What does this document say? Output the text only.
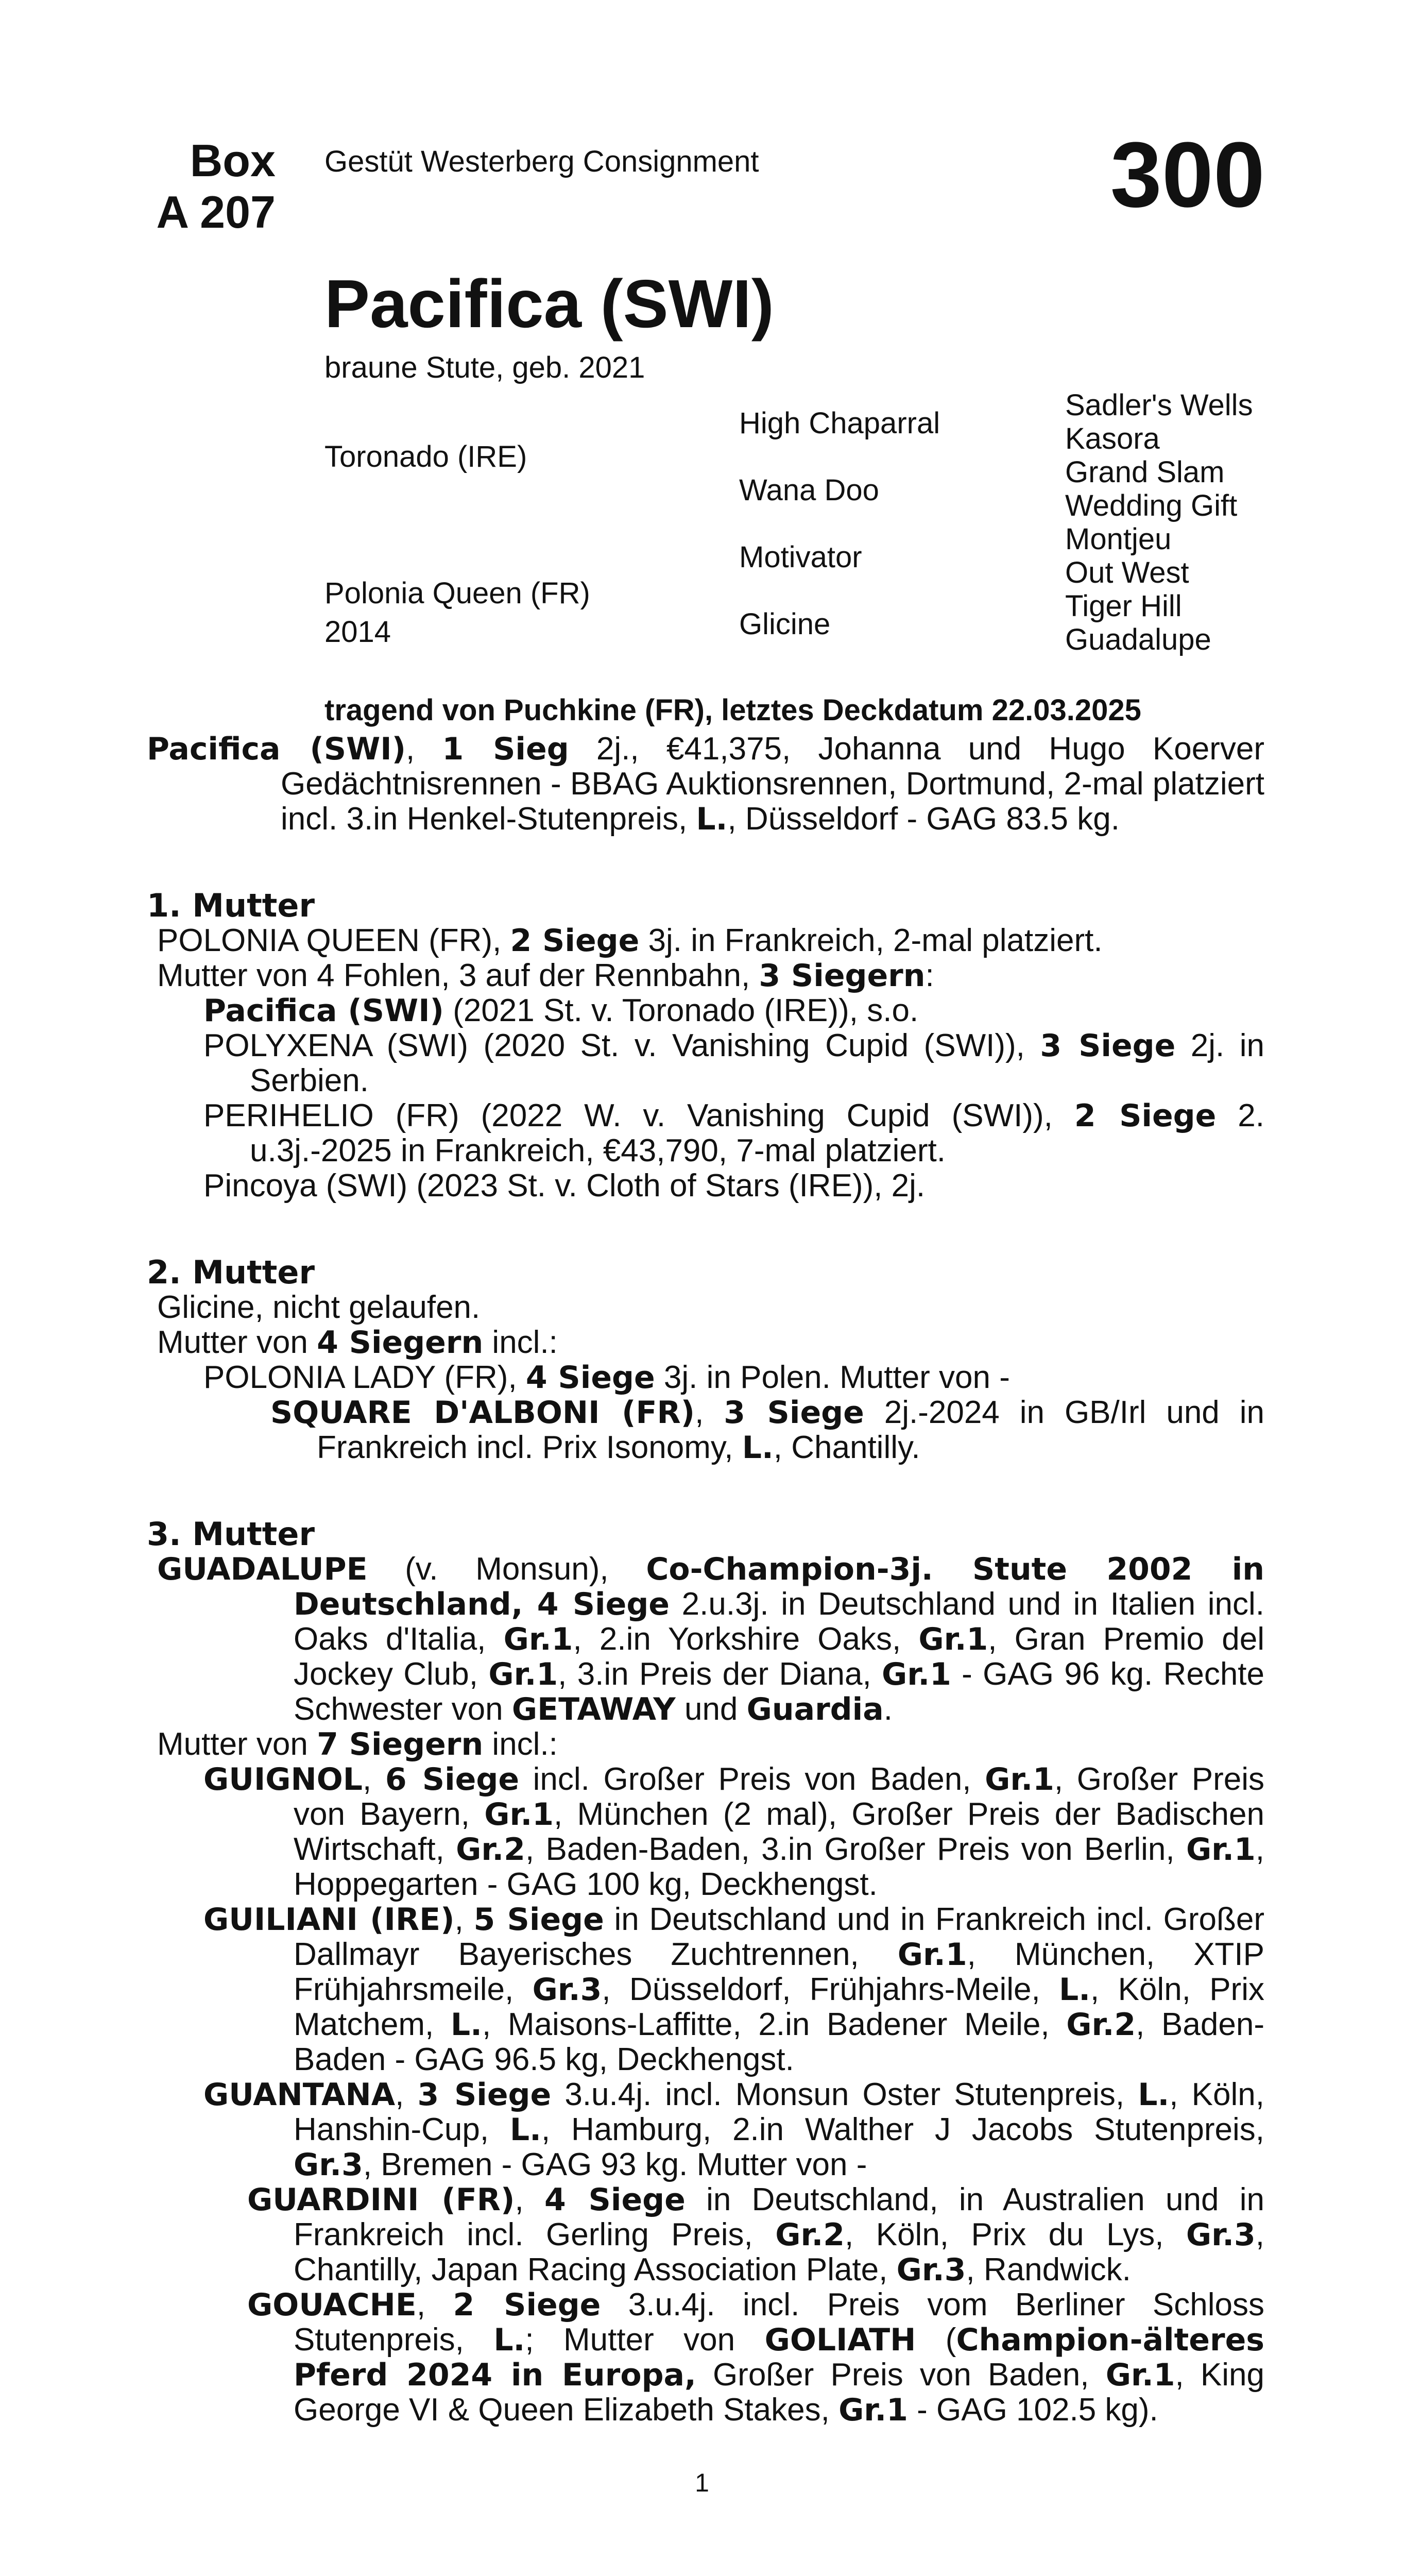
Box
A 207
Gestüt Westerberg Consignment	300
Pacifica (SWI)
braune Stute, geb. 2021
Toronado (IRE)
Polonia Queen (FR)
2014
High Chaparral
Wana Doo
Motivator
Glicine
Sadler's Wells
Kasora
Grand Slam
Wedding Gift
Montjeu
Out West
Tiger Hill
Guadalupe
tragend von Puchkine (FR), letztes Deckdatum 22.03.2025

Pacifica (SWI), 1 Sieg 2j., €41,375, Johanna und Hugo Koerver Gedächtnisrennen - BBAG Auktionsrennen, Dortmund, 2-mal platziert incl. 3.in Henkel-Stutenpreis, L., Düsseldorf - GAG 83.5 kg.

1. Mutter

POLONIA QUEEN (FR), 2 Siege 3j. in Frankreich, 2-mal platziert.

Mutter von 4 Fohlen, 3 auf der Rennbahn, 3 Siegern:

Pacifica (SWI) (2021 St. v. Toronado (IRE)), s.o.

POLYXENA (SWI) (2020 St. v. Vanishing Cupid (SWI)), 3 Siege 2j. in Serbien.

PERIHELIO (FR) (2022 W. v. Vanishing Cupid (SWI)), 2 Siege 2. u.3j.-2025 in Frankreich, €43,790, 7-mal platziert.

Pincoya (SWI) (2023 St. v. Cloth of Stars (IRE)), 2j.

2. Mutter

Glicine, nicht gelaufen.

Mutter von 4 Siegern incl.:

POLONIA LADY (FR), 4 Siege 3j. in Polen. Mutter von -

SQUARE D'ALBONI (FR), 3 Siege 2j.-2024 in GB/Irl und in Frankreich incl. Prix Isonomy, L., Chantilly.

3. Mutter

GUADALUPE (v. Monsun), Co-Champion-3j. Stute 2002 in Deutschland, 4 Siege 2.u.3j. in Deutschland und in Italien incl. Oaks d'Italia, Gr.1, 2.in Yorkshire Oaks, Gr.1, Gran Premio del Jockey Club, Gr.1, 3.in Preis der Diana, Gr.1 - GAG 96 kg. Rechte Schwester von GETAWAY und Guardia.

Mutter von 7 Siegern incl.:

GUIGNOL, 6 Siege incl. Großer Preis von Baden, Gr.1, Großer Preis von Bayern, Gr.1, München (2 mal), Großer Preis der Badischen Wirtschaft, Gr.2, Baden-Baden, 3.in Großer Preis von Berlin, Gr.1, Hoppegarten - GAG 100 kg, Deckhengst.

GUILIANI (IRE), 5 Siege in Deutschland und in Frankreich incl. Großer Dallmayr Bayerisches Zuchtrennen, Gr.1, München, XTIP Frühjahrsmeile, Gr.3, Düsseldorf, Frühjahrs-Meile, L., Köln, Prix Matchem, L., Maisons-Laffitte, 2.in Badener Meile, Gr.2, Baden-Baden - GAG 96.5 kg, Deckhengst.

GUANTANA, 3 Siege 3.u.4j. incl. Monsun Oster Stutenpreis, L., Köln, Hanshin-Cup, L., Hamburg, 2.in Walther J Jacobs Stutenpreis, Gr.3, Bremen - GAG 93 kg. Mutter von -

GUARDINI (FR), 4 Siege in Deutschland, in Australien und in Frankreich incl. Gerling Preis, Gr.2, Köln, Prix du Lys, Gr.3, Chantilly, Japan Racing Association Plate, Gr.3, Randwick.

GOUACHE, 2 Siege 3.u.4j. incl. Preis vom Berliner Schloss Stutenpreis, L.; Mutter von GOLIATH (Champion-älteres Pferd 2024 in Europa, Großer Preis von Baden, Gr.1, King George VI & Queen Elizabeth Stakes, Gr.1 - GAG 102.5 kg).

1
